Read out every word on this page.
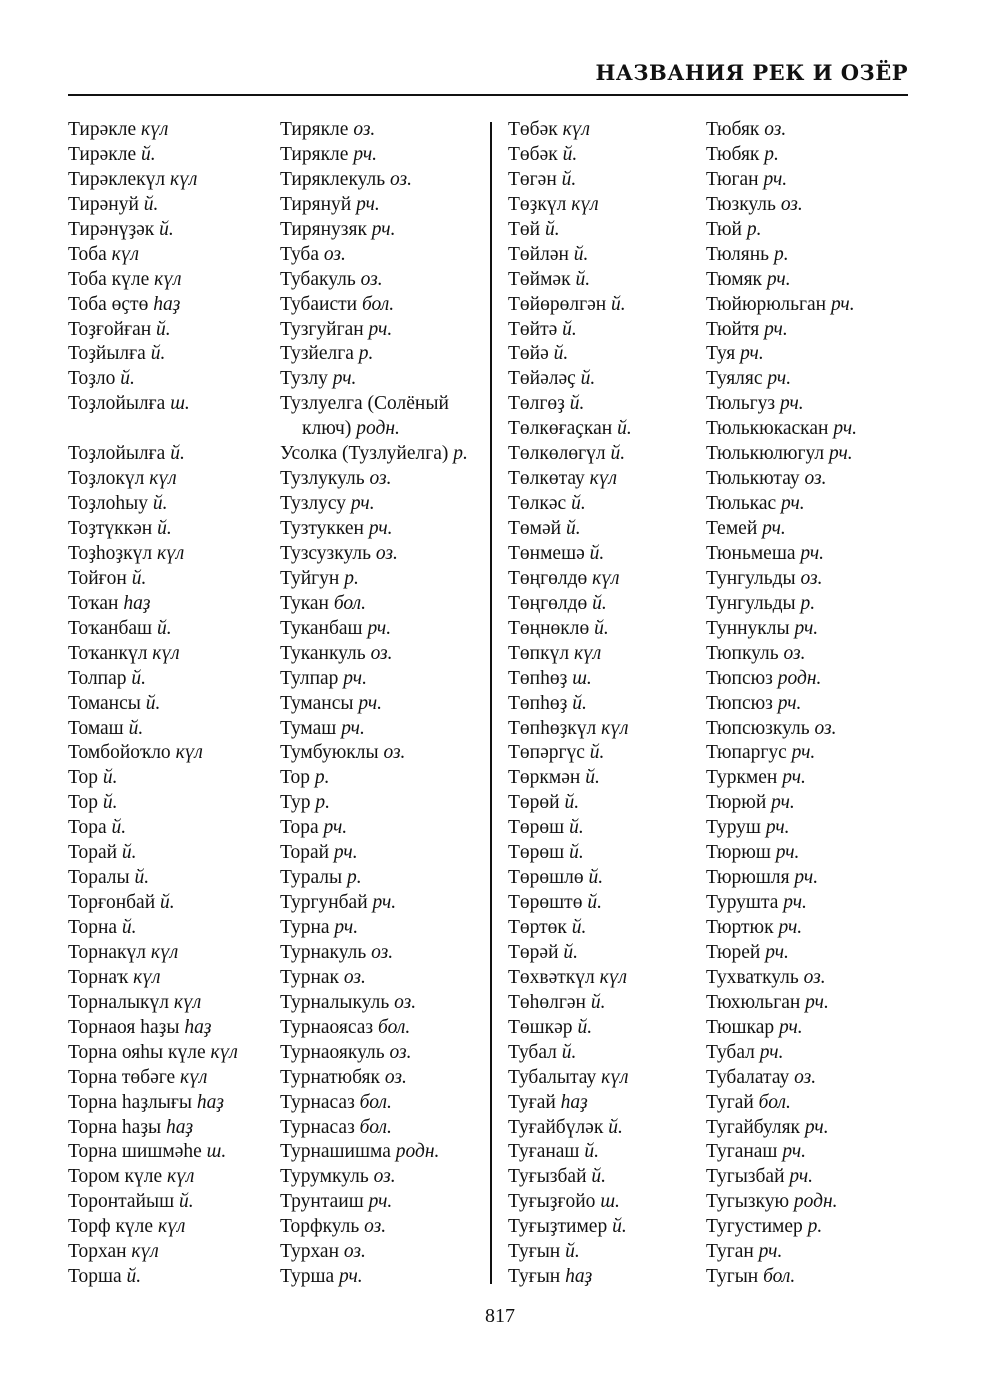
НАЗВАНИЯ РЕК И ОЗЁР
Тирәкле күл
Тирәкле й.
Тирәклекүл күл
Тирәнуй й.
Тирәнүҙәк й.
Тоба күл
Тоба күле күл
Тоба өҫтө һаҙ
Тоҙғойған й.
Тоҙйылға й.
Тоҙло й.
Тоҙлойылға ш.
Тоҙлойылға й.
Тоҙлокүл күл
Тоҙлоһыу й.
Тоҙтүккән й.
Тоҙһоҙкүл күл
Тойғон й.
Тоҡан һаҙ
Тоҡанбаш й.
Тоҡанкүл күл
Толпар й.
Томансы й.
Томаш й.
Томбойоҡло күл
Тор й.
Тор й.
Тора й.
Торай й.
Торалы й.
Торғонбай й.
Торна й.
Торнакүл күл
Торнаҡ күл
Торналыкүл күл
Торнаоя һаҙы һаҙ
Торна ояһы күле күл
Торна төбәге күл
Торна һаҙлығы һаҙ
Торна һаҙы һаҙ
Торна шишмәһе ш.
Тором күле күл
Торонтайыш й.
Торф күле күл
Торхан күл
Торша й.
Тирякле оз.
Тирякле рч.
Тиряклекуль оз.
Тирянуй рч.
Тирянузяк рч.
Туба оз.
Тубакуль оз.
Тубаисти бол.
Тузгуйган рч.
Тузйелга р.
Тузлу рч.
Тузлуелга (Солёный
ключ) родн.
Усолка (Тузлуйелга) р.
Тузлукуль оз.
Тузлусу рч.
Тузтуккен рч.
Тузсузкуль оз.
Туйгун р.
Тукан бол.
Туканбаш рч.
Туканкуль оз.
Тулпар рч.
Тумансы рч.
Тумаш рч.
Тумбуюклы оз.
Тор р.
Тур р.
Тора рч.
Торай рч.
Туралы р.
Тургунбай рч.
Турна рч.
Турнакуль оз.
Турнак оз.
Турналыкуль оз.
Турнаоясаз бол.
Турнаоякуль оз.
Турнатюбяк оз.
Турнасаз бол.
Турнасаз бол.
Турнашишма родн.
Турумкуль оз.
Трунтаиш рч.
Торфкуль оз.
Турхан оз.
Турша рч.
Төбәк күл
Төбәк й.
Төгән й.
Төҙкүл күл
Төй й.
Төйлән й.
Төймәк й.
Төйөрөлгән й.
Төйтә й.
Төйә й.
Төйәләҫ й.
Төлгөҙ й.
Төлкөғаҫкан й.
Төлкөлөгүл й.
Төлкөтау күл
Төлкәс й.
Төмәй й.
Төнмешә й.
Төңгөлдө күл
Төңгөлдө й.
Төңнөклө й.
Төпкүл күл
Төпһөҙ ш.
Төпһөҙ й.
Төпһөҙкүл күл
Төпәргүс й.
Төркмән й.
Төрөй й.
Төрөш й.
Төрөш й.
Төрөшлө й.
Төрөштө й.
Төртөк й.
Төрәй й.
Төхвәткүл күл
Төһөлгән й.
Төшкәр й.
Тубал й.
Тубалытау күл
Туғай һаҙ
Туғайбүләк й.
Туғанаш й.
Туғызбай й.
Туғыҙғойо ш.
Туғыҙтимер й.
Туғын й.
Туғын һаҙ
Тюбяк оз.
Тюбяк р.
Тюган рч.
Тюзкуль оз.
Тюй р.
Тюлянь р.
Тюмяк рч.
Тюйюрюльган рч.
Тюйтя рч.
Туя рч.
Туяляс рч.
Тюльгуз рч.
Тюлькюкаскан рч.
Тюлькюлюгул рч.
Тюлькютау оз.
Тюлькас рч.
Темей рч.
Тюньмеша рч.
Тунгульды оз.
Тунгульды р.
Туннуклы рч.
Тюпкуль оз.
Тюпсюз родн.
Тюпсюз рч.
Тюпсюзкуль оз.
Тюпаргус рч.
Туркмен рч.
Тюрюй рч.
Туруш рч.
Тюрюш рч.
Тюрюшля рч.
Турушта рч.
Тюртюк рч.
Тюрей рч.
Тухваткуль оз.
Тюхюльган рч.
Тюшкар рч.
Тубал рч.
Тубалатау оз.
Тугай бол.
Тугайбуляк рч.
Туганаш рч.
Тугызбай рч.
Тугызкую родн.
Тугустимер р.
Туган рч.
Тугын бол.
817
